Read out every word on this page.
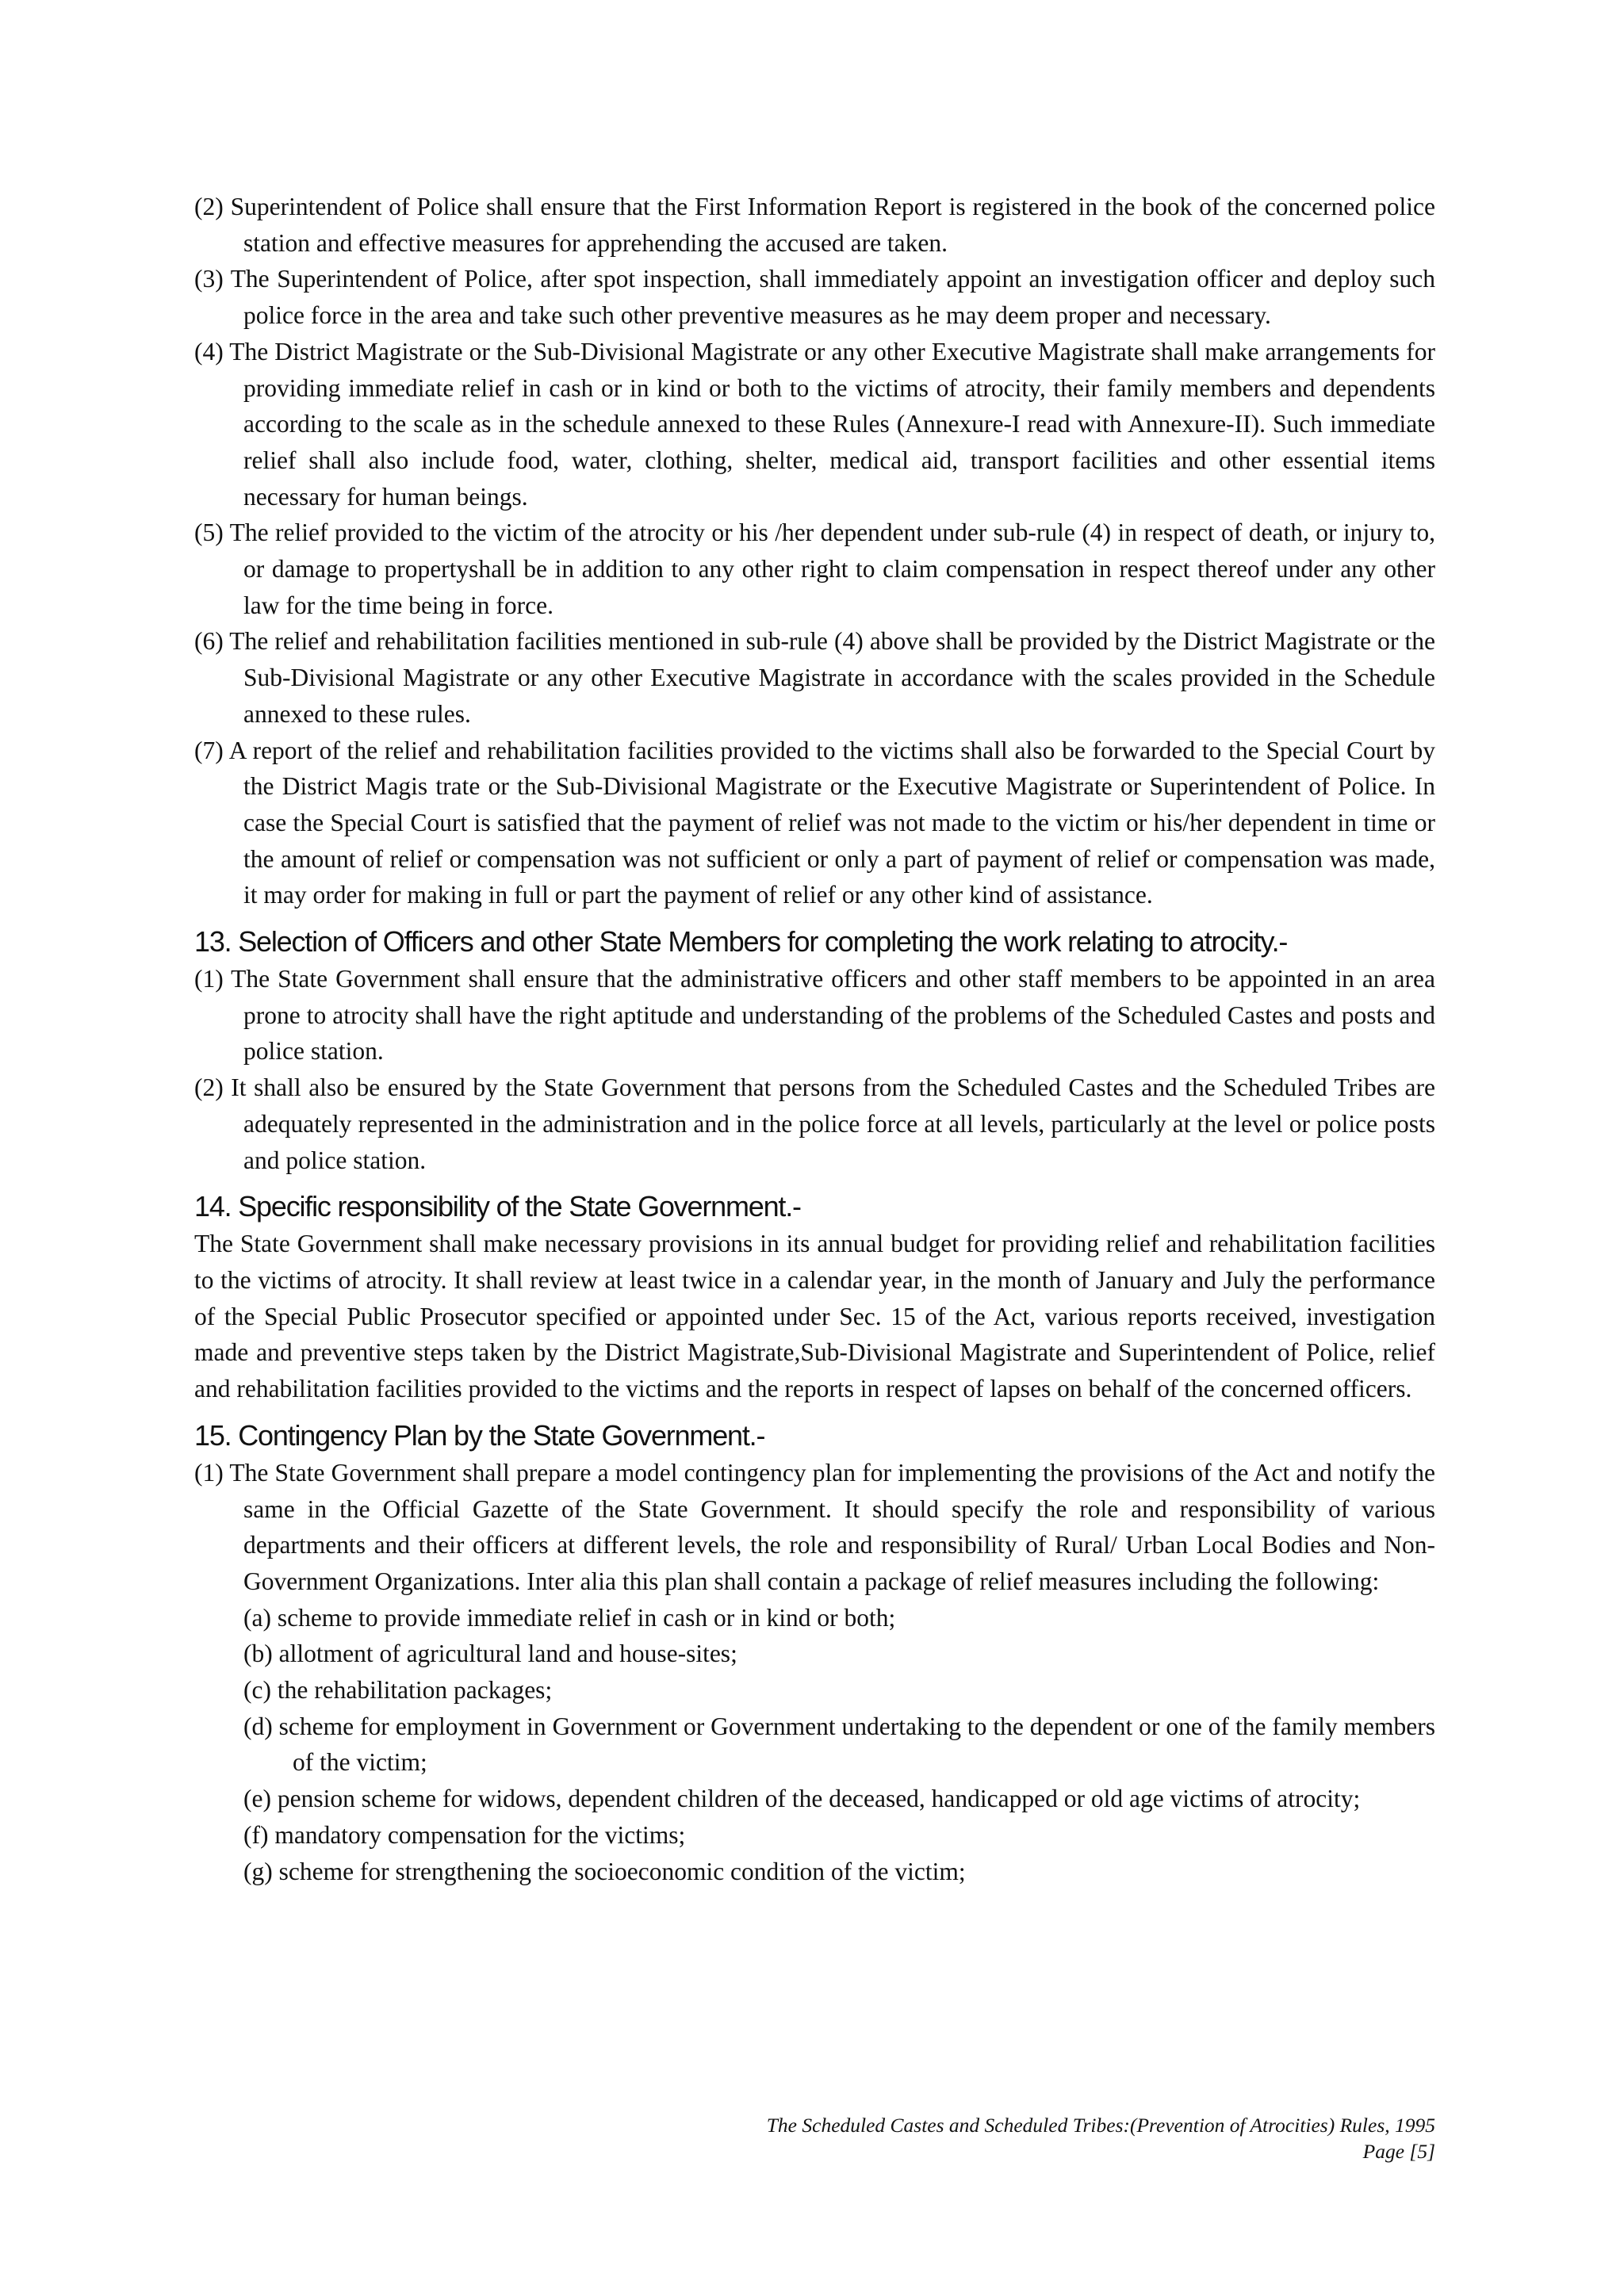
(2) Superintendent of Police shall ensure that the First Information Report is registered in the book of the concerned police station and effective measures for apprehending the accused are taken.
(3) The Superintendent of Police, after spot inspection, shall immediately appoint an investigation officer and deploy such police force in the area and take such other preventive measures as he may deem proper and necessary.
(4) The District Magistrate or the Sub-Divisional Magistrate or any other Executive Magistrate shall make arrangements for providing immediate relief in cash or in kind or both to the victims of atrocity, their family members and dependents according to the scale as in the schedule annexed to these Rules (Annexure-I read with Annexure-II). Such immediate relief shall also include food, water, clothing, shelter, medical aid, transport facilities and other essential items necessary for human beings.
(5) The relief provided to the victim of the atrocity or his /her dependent under sub-rule (4) in respect of death, or injury to, or damage to propertyshall be in addition to any other right to claim compensation in respect thereof under any other law for the time being in force.
(6) The relief and rehabilitation facilities mentioned in sub-rule (4) above shall be provided by the District Magistrate or the Sub-Divisional Magistrate or any other Executive Magistrate in accordance with the scales provided in the Schedule annexed to these rules.
(7) A report of the relief and rehabilitation facilities provided to the victims shall also be forwarded to the Special Court by the District Magis trate or the Sub-Divisional Magistrate or the Executive Magistrate or Superintendent of Police. In case the Special Court is satisfied that the payment of relief was not made to the victim or his/her dependent in time or the amount of relief or compensation was not sufficient or only a part of payment of relief or compensation was made, it may order for making in full or part the payment of relief or any other kind of assistance.
13. Selection of Officers and other State Members for completing the work relating to atrocity.-
(1) The State Government shall ensure that the administrative officers and other staff members to be appointed in an area prone to atrocity shall have the right aptitude and understanding of the problems of the Scheduled Castes and posts and police station.
(2) It shall also be ensured by the State Government that persons from the Scheduled Castes and the Scheduled Tribes are adequately represented in the administration and in the police force at all levels, particularly at the level or police posts and police station.
14. Specific responsibility of the State Government.-
The State Government shall make necessary provisions in its annual budget for providing relief and rehabilitation facilities to the victims of atrocity. It shall review at least twice in a calendar year, in the month of January and July the performance of the Special Public Prosecutor specified or appointed under Sec. 15 of the Act, various reports received, investigation made and preventive steps taken by the District Magistrate,Sub-Divisional Magistrate and Superintendent of Police, relief and rehabilitation facilities provided to the victims and the reports in respect of lapses on behalf of the concerned officers.
15. Contingency Plan by the State Government.-
(1) The State Government shall prepare a model contingency plan for implementing the provisions of the Act and notify the same in the Official Gazette of the State Government. It should specify the role and responsibility of various departments and their officers at different levels, the role and responsibility of Rural/ Urban Local Bodies and Non-Government Organizations. Inter alia this plan shall contain a package of relief measures including the following:
(a) scheme to provide immediate relief in cash or in kind or both;
(b) allotment of agricultural land and house-sites;
(c) the rehabilitation packages;
(d) scheme for employment in Government or Government undertaking to the dependent or one of the family members of the victim;
(e) pension scheme for widows, dependent children of the deceased, handicapped or old age victims of atrocity;
(f) mandatory compensation for the victims;
(g) scheme for strengthening the socioeconomic condition of the victim;
The Scheduled Castes and Scheduled Tribes:(Prevention of Atrocities) Rules, 1995
Page [5]
